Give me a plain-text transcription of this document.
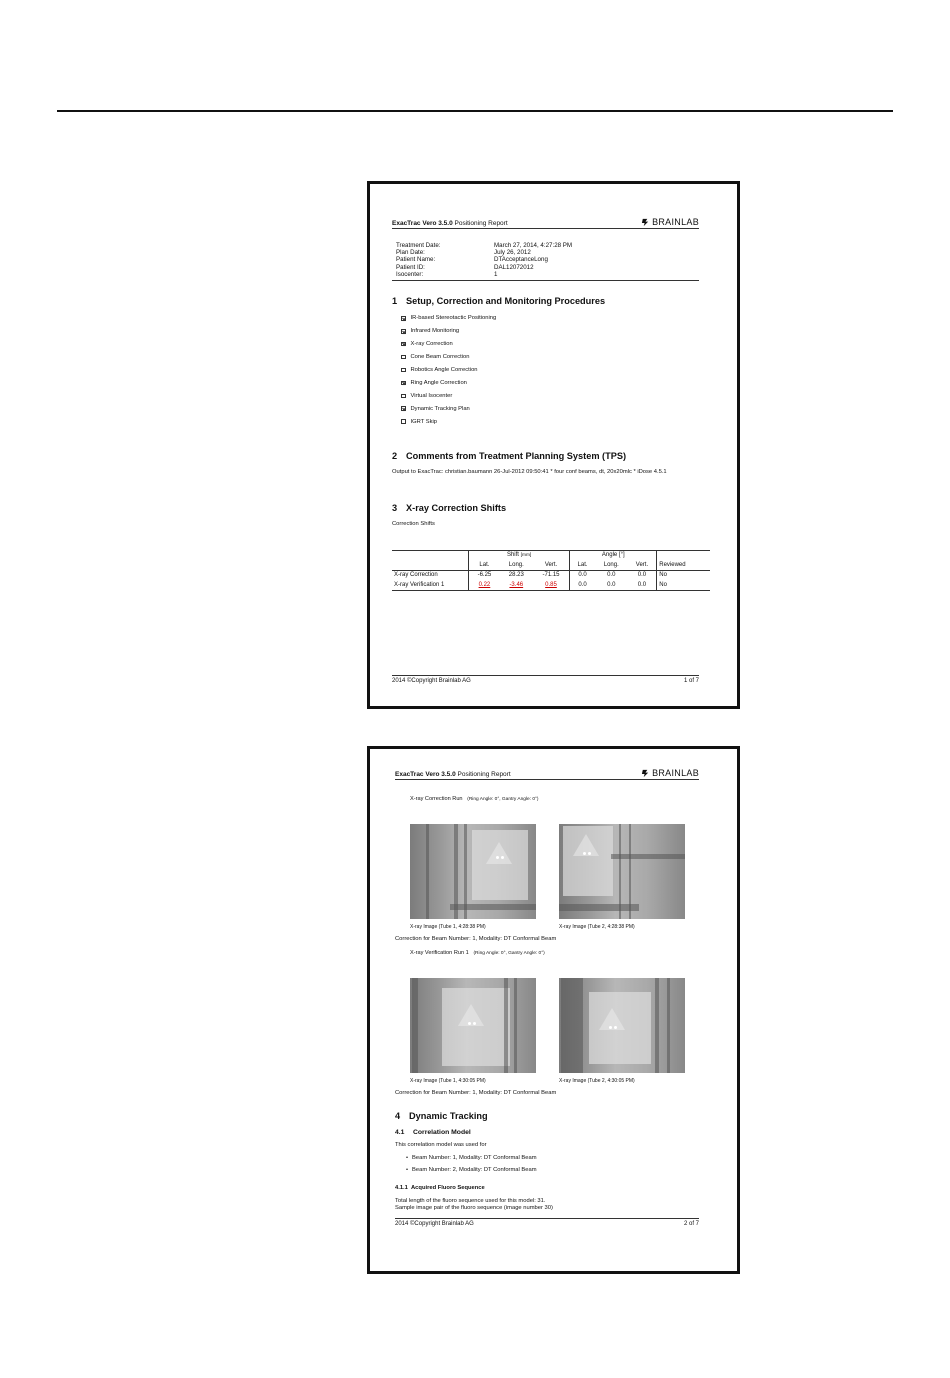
ExacTrac Vero 3.5.0 Positioning Report	BRAINLAB
Treatment Date:	March 27, 2014, 4:27:28 PM
Plan Date:	July 26, 2012
Patient Name:	DTAcceptanceLong
Patient ID:	DAL12072012
Isocenter:	1
1 Setup, Correction and Monitoring Procedures
IR-based Stereotactic Positioning
Infrared Monitoring
X-ray Correction
Cone Beam Correction
Robotics Angle Correction
Ring Angle Correction
Virtual Isocenter
Dynamic Tracking Plan
IGRT Skip
2 Comments from Treatment Planning System (TPS)
Output to ExacTrac: christian.baumann 26-Jul-2012 09:50:41 * four conf beams, dt, 20x20mlc * iDose 4.5.1
3 X-ray Correction Shifts
Correction Shifts
	Shift [mm]			Angle [°]			
	Lat.	Long.	Vert.	Lat.	Long.	Vert.	Reviewed
X-ray Correction	-6.25	28.23	-71.15	0.0	0.0	0.0	No
X-ray Verification 1	0.22	-3.46	0.85	0.0	0.0	0.0	No
2014 ©Copyright Brainlab AG	1 of 7
ExacTrac Vero 3.5.0 Positioning Report	BRAINLAB
X-ray Correction Run (Ring Angle: 0°, Gantry Angle: 0°)
X-ray Image (Tube 1, 4:28:38 PM)	X-ray Image (Tube 2, 4:28:38 PM)
Correction for Beam Number: 1, Modality: DT Conformal Beam
X-ray Verification Run 1 (Ring Angle: 0°, Gantry Angle: 0°)
X-ray Image (Tube 1, 4:30:05 PM)	X-ray Image (Tube 2, 4:30:05 PM)
Correction for Beam Number: 1, Modality: DT Conformal Beam
4 Dynamic Tracking
4.1 Correlation Model
This correlation model was used for
• Beam Number: 1, Modality: DT Conformal Beam
• Beam Number: 2, Modality: DT Conformal Beam
4.1.1 Acquired Fluoro Sequence
Total length of the fluoro sequence used for this model: 31.
Sample image pair of the fluoro sequence (image number 30)
2014 ©Copyright Brainlab AG	2 of 7
